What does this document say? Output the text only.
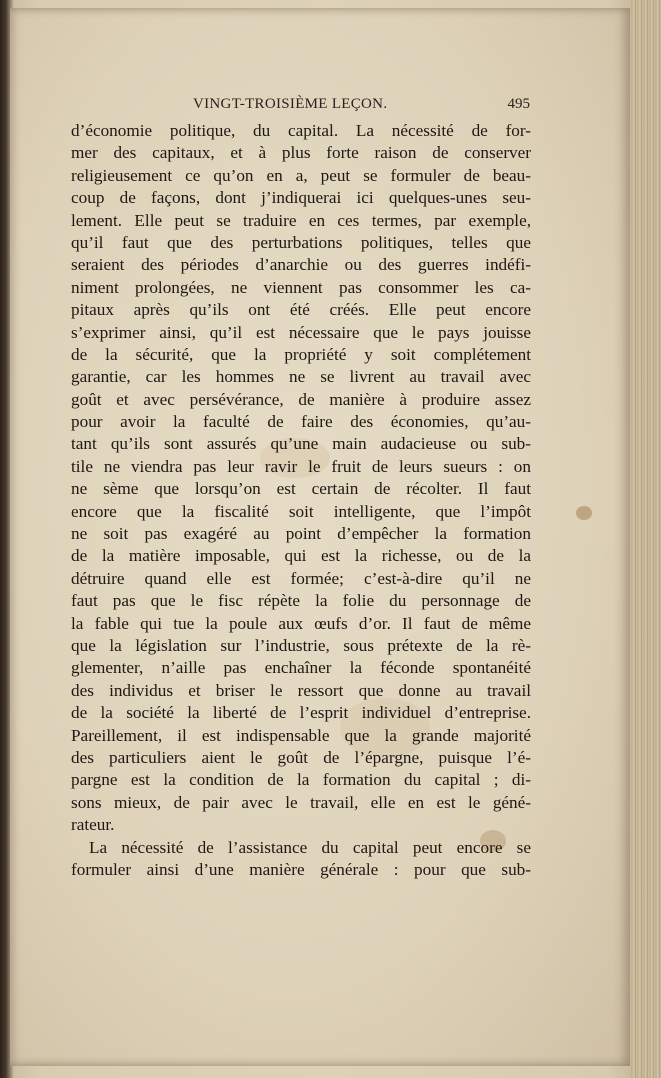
VINGT-TROISIÈME LEÇON.	495
d’économie politique, du capital. La nécessité de for-
mer des capitaux, et à plus forte raison de conserver
religieusement ce qu’on en a, peut se formuler de beau-
coup de façons, dont j’indiquerai ici quelques-unes seu-
lement. Elle peut se traduire en ces termes, par exemple,
qu’il faut que des perturbations politiques, telles que
seraient des périodes d’anarchie ou des guerres indéfi-
niment prolongées, ne viennent pas consommer les ca-
pitaux après qu’ils ont été créés. Elle peut encore
s’exprimer ainsi, qu’il est nécessaire que le pays jouisse
de la sécurité, que la propriété y soit complétement
garantie, car les hommes ne se livrent au travail avec
goût et avec persévérance, de manière à produire assez
pour avoir la faculté de faire des économies, qu’au-
tant qu’ils sont assurés qu’une main audacieuse ou sub-
tile ne viendra pas leur ravir le fruit de leurs sueurs : on
ne sème que lorsqu’on est certain de récolter. Il faut
encore que la fiscalité soit intelligente, que l’impôt
ne soit pas exagéré au point d’empêcher la formation
de la matière imposable, qui est la richesse, ou de la
détruire quand elle est formée; c’est-à-dire qu’il ne
faut pas que le fisc répète la folie du personnage de
la fable qui tue la poule aux œufs d’or. Il faut de même
que la législation sur l’industrie, sous prétexte de la rè-
glementer, n’aille pas enchaîner la féconde spontanéité
des individus et briser le ressort que donne au travail
de la société la liberté de l’esprit individuel d’entreprise.
Pareillement, il est indispensable que la grande majorité
des particuliers aient le goût de l’épargne, puisque l’é-
pargne est la condition de la formation du capital ; di-
sons mieux, de pair avec le travail, elle en est le géné-
rateur.
La nécessité de l’assistance du capital peut encore se
formuler ainsi d’une manière générale : pour que sub-
